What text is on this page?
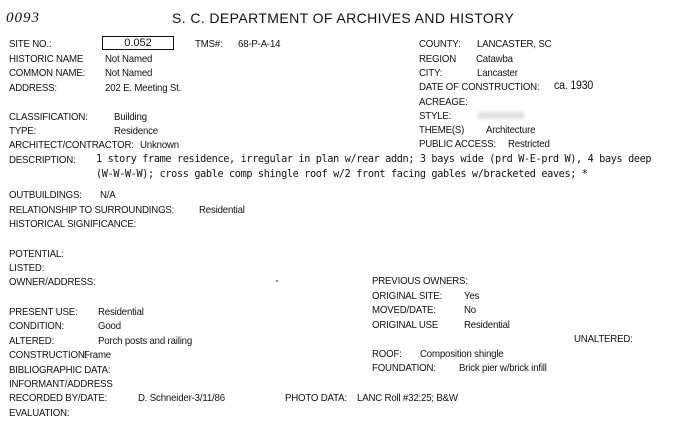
0093	S. C. DEPARTMENT OF ARCHIVES AND HISTORY
SITE NO.:	0.052	TMS#: 68-P-A-14	COUNTY: LANCASTER, SC
HISTORIC NAME Not Named	REGION Catawba
COMMON NAME: Not Named	CITY:	Lancaster
ADDRESS:	202 E. Meeting St.	DATE OF CONSTRUCTION: ca. 1930
ACREAGE:
CLASSIFICATION:	Building	STYLE:
TYPE:	Residence	THEME(S) Architecture
ARCHITECT/CONTRACTOR: Unknown	PUBLIC ACCESS: Restricted
DESCRIPTION: 1 story frame residence, irregular in plan w/rear addn; 3 bays wide (prd W-E-prd W), 4 bays deep
(W-W-W-W); cross gable comp shingle roof w/2 front facing gables w/bracketed eaves; *
OUTBUILDINGS: N/A
RELATIONSHIP TO SURROUNDINGS: Residential
HISTORICAL SIGNIFICANCE:
POTENTIAL:
LISTED:
OWNER/ADDRESS:	PREVIOUS OWNERS:
ORIGINAL SITE: Yes
MOVED/DATE:	No
ORIGINAL USE Residential
PRESENT USE: Residential
CONDITION:	Good
ALTERED:	Porch posts and railing
CONSTRUCTION:
Frame
UNALTERED:
ROOF: Composition shingle
FOUNDATION: Brick pier w/brick infill
BIBLIOGRAPHIC DATA:
INFORMANT/ADDRESS
RECORDED BY/DATE:	D. Schneider-3/11/86	PHOTO DATA: LANC Roll #32:25; B&W
EVALUATION:
